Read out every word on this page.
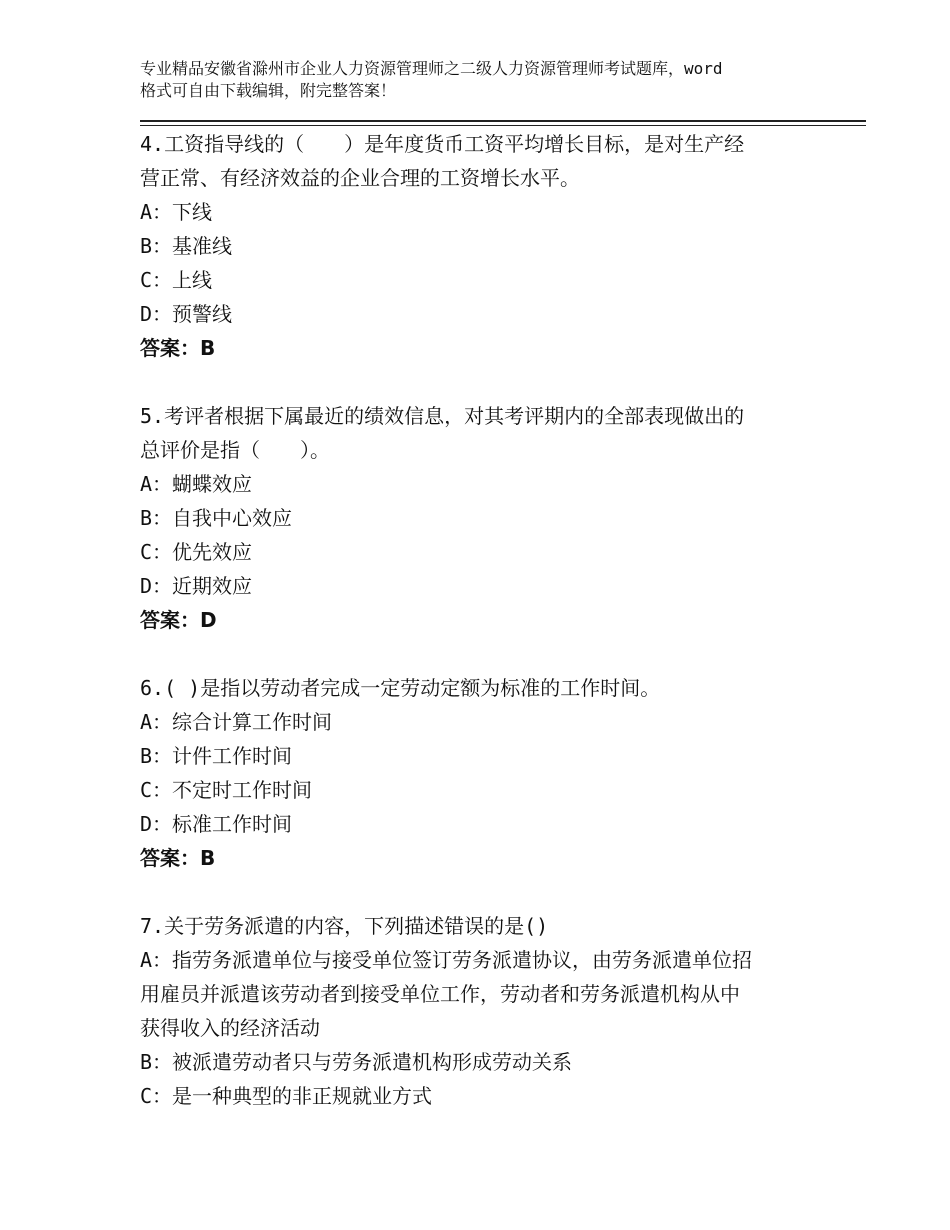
专业精品安徽省滁州市企业人力资源管理师之二级人力资源管理师考试题库，word
格式可自由下载编辑，附完整答案！
4.工资指导线的（　　）是年度货币工资平均增长目标，是对生产经
营正常、有经济效益的企业合理的工资增长水平。
A：下线
B：基准线
C：上线
D：预警线
答案：B
5.考评者根据下属最近的绩效信息，对其考评期内的全部表现做出的
总评价是指（　　）。
A：蝴蝶效应
B：自我中心效应
C：优先效应
D：近期效应
答案：D
6.( )是指以劳动者完成一定劳动定额为标准的工作时间。
A：综合计算工作时间
B：计件工作时间
C：不定时工作时间
D：标准工作时间
答案：B
7.关于劳务派遣的内容，下列描述错误的是()
A：指劳务派遣单位与接受单位签订劳务派遣协议，由劳务派遣单位招
用雇员并派遣该劳动者到接受单位工作，劳动者和劳务派遣机构从中
获得收入的经济活动
B：被派遣劳动者只与劳务派遣机构形成劳动关系
C：是一种典型的非正规就业方式
